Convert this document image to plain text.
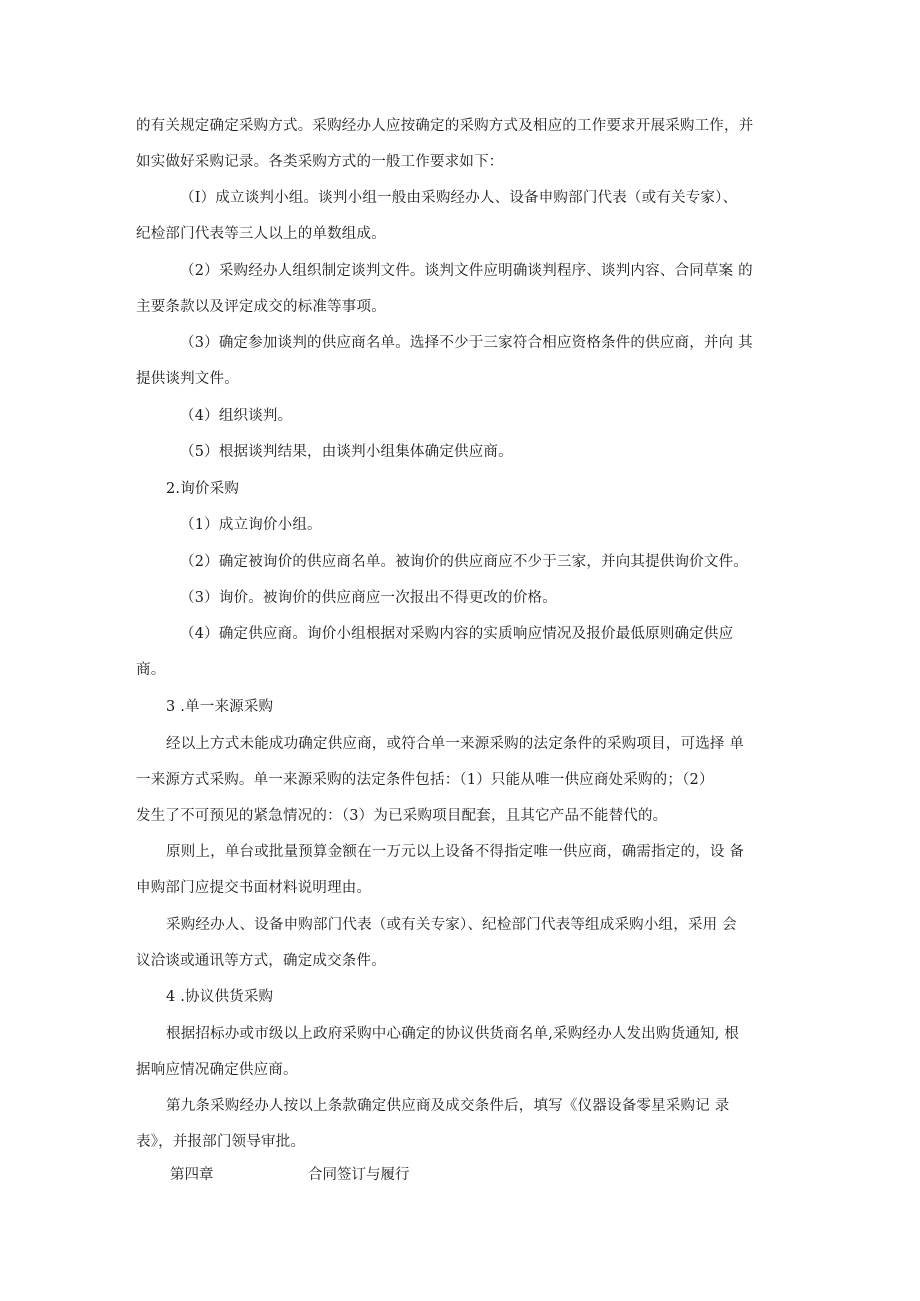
的有关规定确定采购方式。采购经办人应按确定的采购方式及相应的工作要求开展采购工作，并
如实做好采购记录。各类采购方式的一般工作要求如下：

（I）成立谈判小组。谈判小组一般由采购经办人、设备申购部门代表（或有关专家）、
纪检部门代表等三人以上的单数组成。

（2）采购经办人组织制定谈判文件。谈判文件应明确谈判程序、谈判内容、合同草案 的
主要条款以及评定成交的标准等事项。

（3）确定参加谈判的供应商名单。选择不少于三家符合相应资格条件的供应商，并向 其
提供谈判文件。

（4）组织谈判。

（5）根据谈判结果，由谈判小组集体确定供应商。

2.询价采购

（1）成立询价小组。

（2）确定被询价的供应商名单。被询价的供应商应不少于三家，并向其提供询价文件。

（3）询价。被询价的供应商应一次报出不得更改的价格。

（4）确定供应商。询价小组根据对采购内容的实质响应情况及报价最低原则确定供应
商。

3 .单一来源采购

经以上方式未能成功确定供应商，或符合单一来源采购的法定条件的采购项目，可选择 单
一来源方式采购。单一来源采购的法定条件包括：（1）只能从唯一供应商处采购的；（2）
发生了不可预见的紧急情况的：（3）为已采购项目配套，且其它产品不能替代的。

原则上，单台或批量预算金额在一万元以上设备不得指定唯一供应商，确需指定的，设 备
申购部门应提交书面材料说明理由。

采购经办人、设备申购部门代表（或有关专家）、纪检部门代表等组成采购小组，采用 会
议洽谈或通讯等方式，确定成交条件。

4 .协议供货采购

根据招标办或市级以上政府采购中心确定的协议供货商名单,采购经办人发出购货通知, 根
据响应情况确定供应商。

第九条采购经办人按以上条款确定供应商及成交条件后，填写《仪器设备零星采购记 录
表》，并报部门领导审批。

第四章	合同签订与履行
